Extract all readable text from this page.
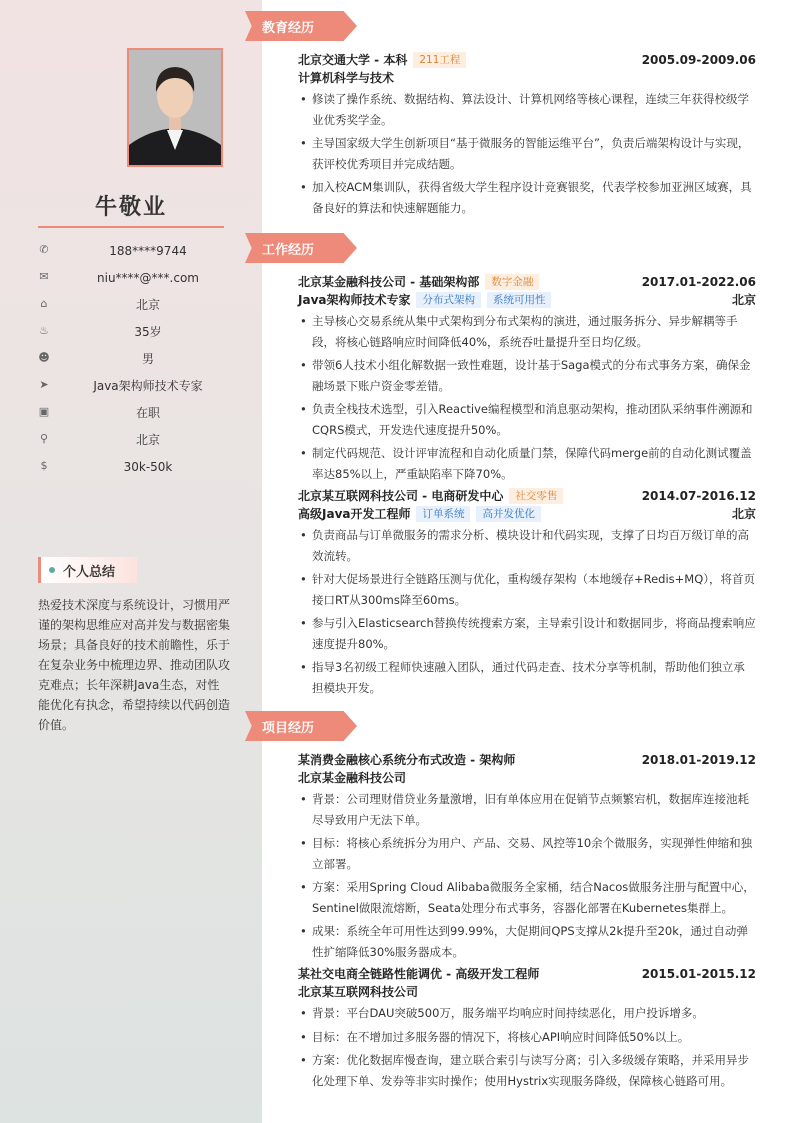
牛敬业
✆	188****9744
✉	niu****@***.com
⌂	北京
♨	35岁
☻	男
➤	Java架构师技术专家
▣	在职
⚲	北京
$	30k-50k
个人总结
热爱技术深度与系统设计，习惯用严谨的架构思维应对高并发与数据密集场景；具备良好的技术前瞻性，乐于在复杂业务中梳理边界、推动团队攻克难点；长年深耕Java生态，对性能优化有执念，希望持续以代码创造价值。
教育经历
北京交通大学 - 本科 211工程	2005.09-2009.06
计算机科学与技术
• 修读了操作系统、数据结构、算法设计、计算机网络等核心课程，连续三年获得校级学业优秀奖学金。
• 主导国家级大学生创新项目“基于微服务的智能运维平台”，负责后端架构设计与实现，获评校优秀项目并完成结题。
• 加入校ACM集训队，获得省级大学生程序设计竞赛银奖，代表学校参加亚洲区域赛，具备良好的算法和快速解题能力。
工作经历
北京某金融科技公司 - 基础架构部 数字金融	2017.01-2022.06
Java架构师技术专家 分布式架构 系统可用性	北京
• 主导核心交易系统从集中式架构到分布式架构的演进，通过服务拆分、异步解耦等手段，将核心链路响应时间降低40%，系统吞吐量提升至日均亿级。
• 带领6人技术小组化解数据一致性难题，设计基于Saga模式的分布式事务方案，确保金融场景下账户资金零差错。
• 负责全栈技术选型，引入Reactive编程模型和消息驱动架构，推动团队采纳事件溯源和CQRS模式，开发迭代速度提升50%。
• 制定代码规范、设计评审流程和自动化质量门禁，保障代码merge前的自动化测试覆盖率达85%以上，严重缺陷率下降70%。
北京某互联网科技公司 - 电商研发中心 社交零售	2014.07-2016.12
高级Java开发工程师 订单系统 高并发优化	北京
• 负责商品与订单微服务的需求分析、模块设计和代码实现，支撑了日均百万级订单的高效流转。
• 针对大促场景进行全链路压测与优化，重构缓存架构（本地缓存+Redis+MQ），将首页接口RT从300ms降至60ms。
• 参与引入Elasticsearch替换传统搜索方案，主导索引设计和数据同步，将商品搜索响应速度提升80%。
• 指导3名初级工程师快速融入团队，通过代码走查、技术分享等机制，帮助他们独立承担模块开发。
项目经历
某消费金融核心系统分布式改造 - 架构师	2018.01-2019.12
北京某金融科技公司
• 背景：公司理财借贷业务量激增，旧有单体应用在促销节点频繁宕机，数据库连接池耗尽导致用户无法下单。
• 目标：将核心系统拆分为用户、产品、交易、风控等10余个微服务，实现弹性伸缩和独立部署。
• 方案：采用Spring Cloud Alibaba微服务全家桶，结合Nacos做服务注册与配置中心，Sentinel做限流熔断，Seata处理分布式事务，容器化部署在Kubernetes集群上。
• 成果：系统全年可用性达到99.99%，大促期间QPS支撑从2k提升至20k，通过自动弹性扩缩降低30%服务器成本。
某社交电商全链路性能调优 - 高级开发工程师	2015.01-2015.12
北京某互联网科技公司
• 背景：平台DAU突破500万，服务端平均响应时间持续恶化，用户投诉增多。
• 目标：在不增加过多服务器的情况下，将核心API响应时间降低50%以上。
• 方案：优化数据库慢查询，建立联合索引与读写分离；引入多级缓存策略，并采用异步化处理下单、发券等非实时操作；使用Hystrix实现服务降级，保障核心链路可用。
